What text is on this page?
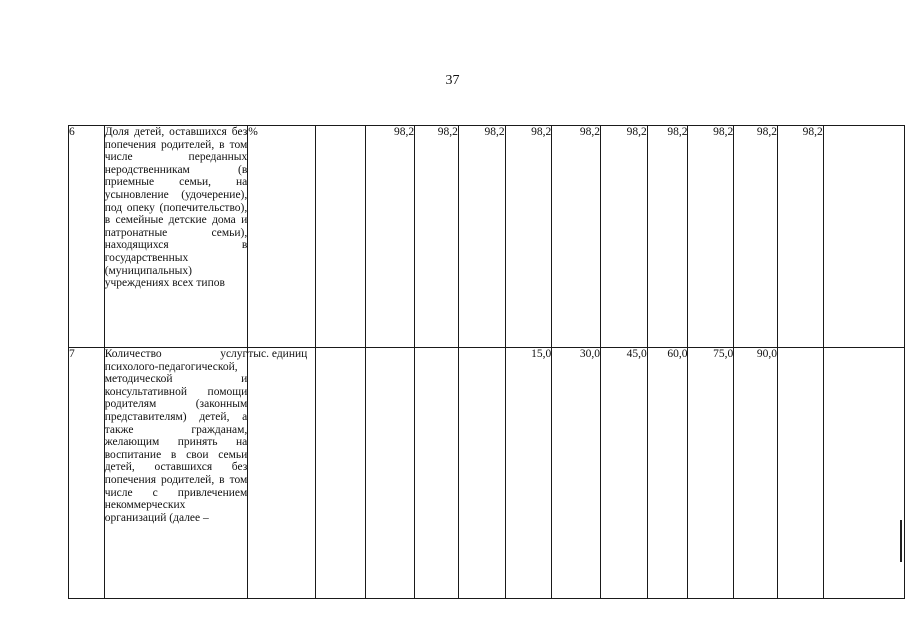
37
6	Доля детей, оставшихся без попечения родителей, в том числе переданных неродственникам (в приемные семьи, на усыновление (удочерение), под опеку (попечительство), в семейные детские дома и патронатные семьи), находящихся в государственных (муниципальных) учреждениях всех типов	%		98,2	98,2	98,2	98,2	98,2	98,2	98,2	98,2	98,2	98,2	
7	Количество услуг психолого-педагогической, методической и консультативной помощи родителям (законным представителям) детей, а также гражданам, желающим принять на воспитание в свои семьи детей, оставшихся без попечения родителей, в том числе с привлечением некоммерческих организаций (далее –	тыс. единиц					15,0	30,0	45,0	60,0	75,0	90,0		
